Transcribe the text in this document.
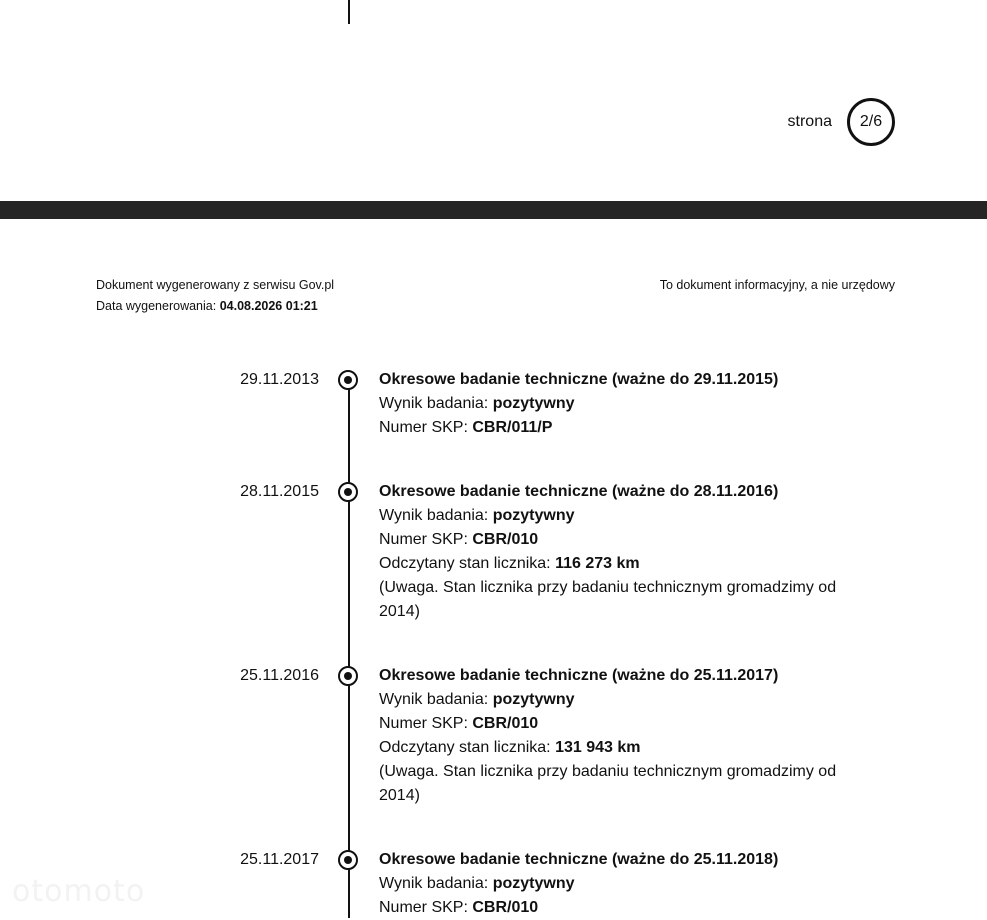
strona	2/6
Dokument wygenerowany z serwisu Gov.pl
Data wygenerowania: 04.08.2026 01:21
To dokument informacyjny, a nie urzędowy
29.11.2013	Okresowe badanie techniczne (ważne do 29.11.2015)
Wynik badania: pozytywny
Numer SKP: CBR/011/P
28.11.2015	Okresowe badanie techniczne (ważne do 28.11.2016)
Wynik badania: pozytywny
Numer SKP: CBR/010
Odczytany stan licznika: 116 273 km
(Uwaga. Stan licznika przy badaniu technicznym gromadzimy od 2014)
25.11.2016	Okresowe badanie techniczne (ważne do 25.11.2017)
Wynik badania: pozytywny
Numer SKP: CBR/010
Odczytany stan licznika: 131 943 km
(Uwaga. Stan licznika przy badaniu technicznym gromadzimy od 2014)
25.11.2017	Okresowe badanie techniczne (ważne do 25.11.2018)
Wynik badania: pozytywny
Numer SKP: CBR/010
otomoto
